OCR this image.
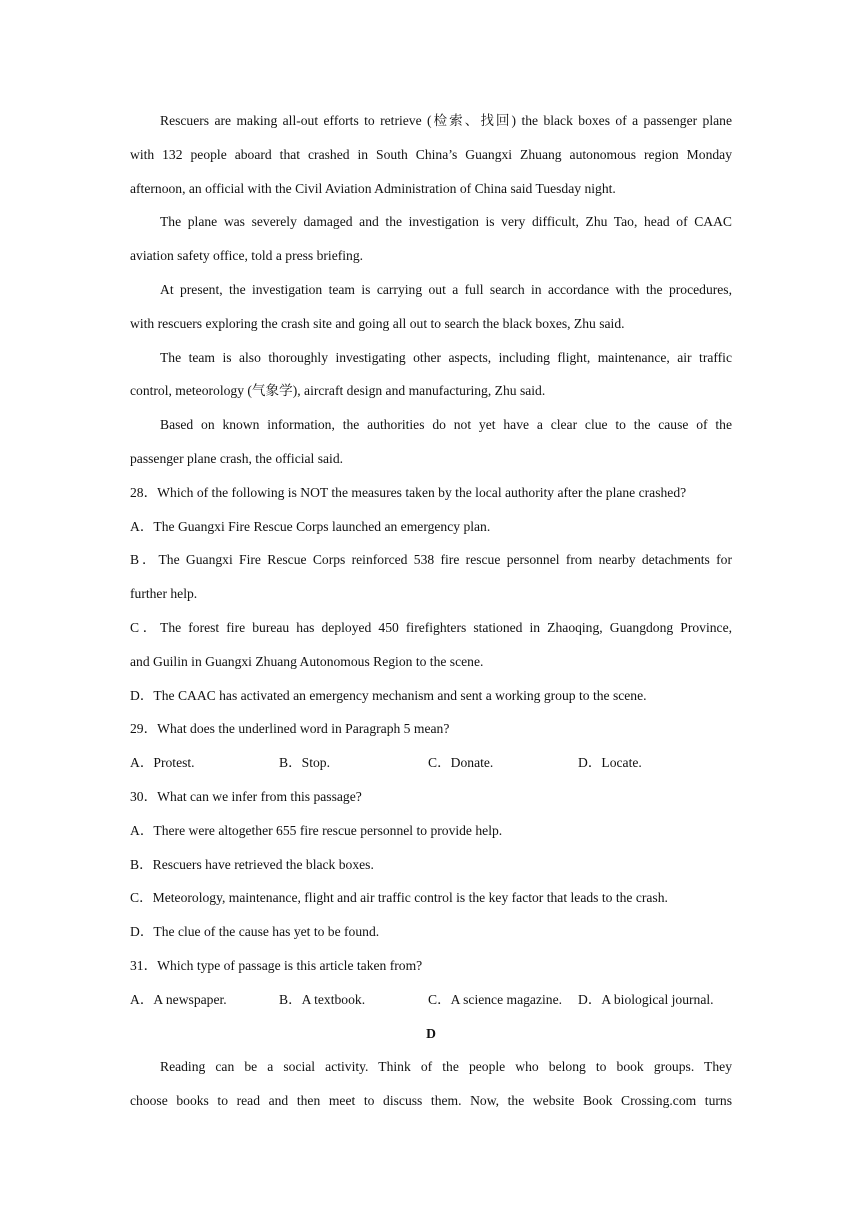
Rescuers are making all-out efforts to retrieve (检索、找回) the black boxes of a passenger plane
with 132 people aboard that crashed in South China’s Guangxi Zhuang autonomous region Monday
afternoon, an official with the Civil Aviation Administration of China said Tuesday night.
The plane was severely damaged and the investigation is very difficult, Zhu Tao, head of CAAC
aviation safety office, told a press briefing.
At present, the investigation team is carrying out a full search in accordance with the procedures,
with rescuers exploring the crash site and going all out to search the black boxes, Zhu said.
The team is also thoroughly investigating other aspects, including flight, maintenance, air traffic
control, meteorology (气象学), aircraft design and manufacturing, Zhu said.
Based on known information, the authorities do not yet have a clear clue to the cause of the
passenger plane crash, the official said.
28．Which of the following is NOT the measures taken by the local authority after the plane crashed?
A．The Guangxi Fire Rescue Corps launched an emergency plan.
B．The Guangxi Fire Rescue Corps reinforced 538 fire rescue personnel from nearby detachments for
further help.
C．The forest fire bureau has deployed 450 firefighters stationed in Zhaoqing, Guangdong Province,
and Guilin in Guangxi Zhuang Autonomous Region to the scene.
D．The CAAC has activated an emergency mechanism and sent a working group to the scene.
29．What does the underlined word in Paragraph 5 mean?
A．Protest.	B．Stop.	C．Donate.	D．Locate.
30．What can we infer from this passage?
A．There were altogether 655 fire rescue personnel to provide help.
B．Rescuers have retrieved the black boxes.
C．Meteorology, maintenance, flight and air traffic control is the key factor that leads to the crash.
D．The clue of the cause has yet to be found.
31．Which type of passage is this article taken from?
A．A newspaper.	B．A textbook.	C．A science magazine. D．A biological journal.
D
Reading can be a social activity. Think of the people who belong to book groups. They
choose books to read and then meet to discuss them. Now, the website Book Crossing.com turns
